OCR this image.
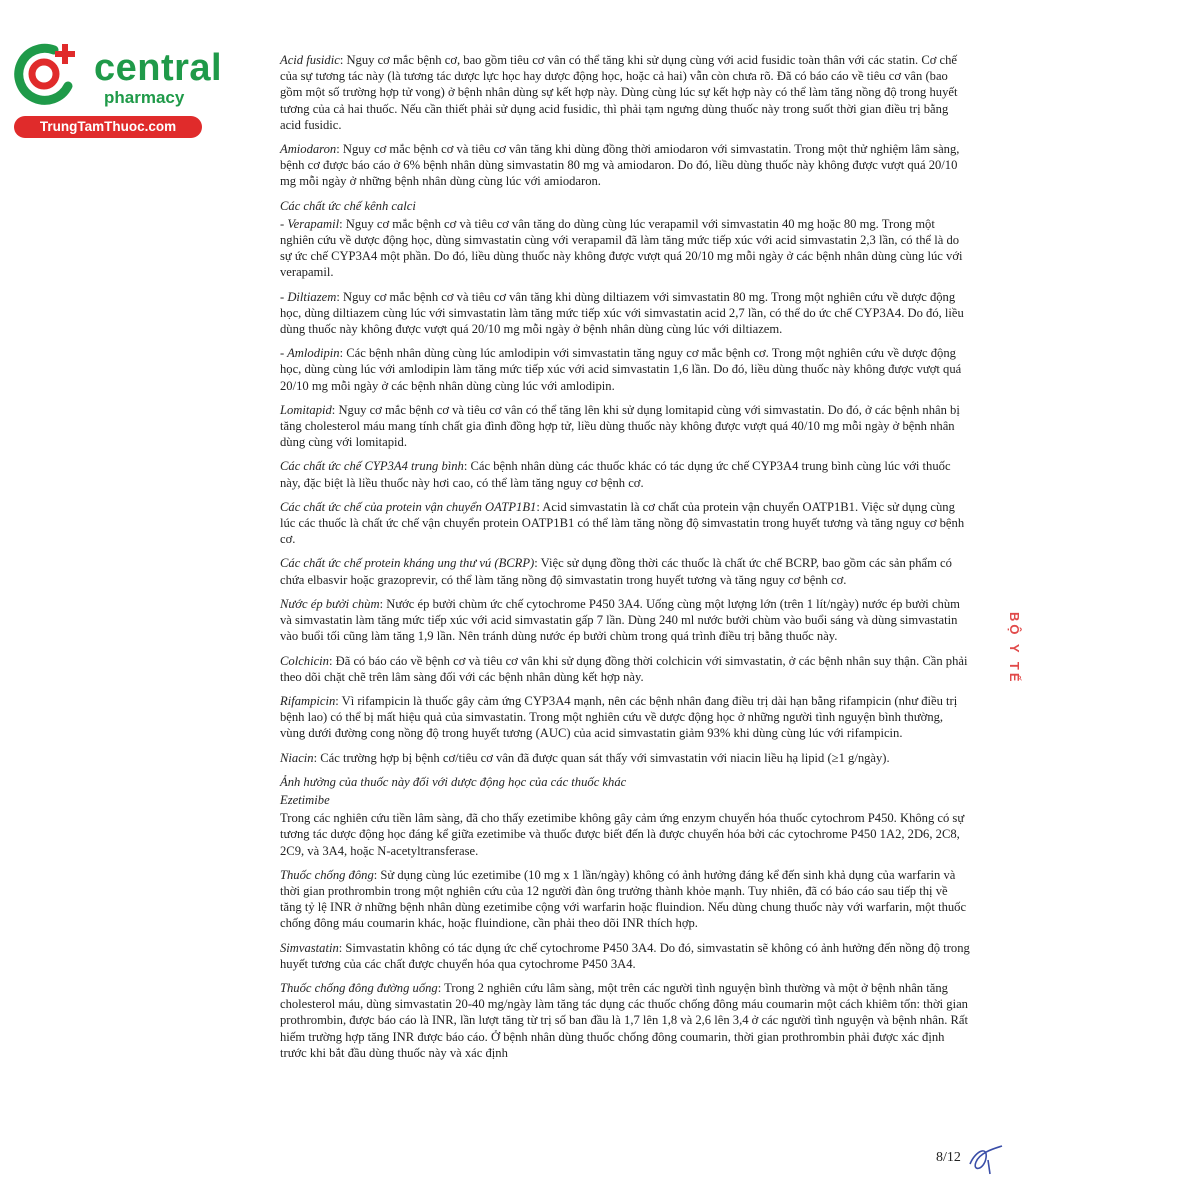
central
pharmacy
TrungTamThuoc.com

Acid fusidic: Nguy cơ mắc bệnh cơ, bao gồm tiêu cơ vân có thể tăng khi sử dụng cùng với acid fusidic toàn thân với các statin. Cơ chế của sự tương tác này (là tương tác dược lực học hay dược động học, hoặc cả hai) vẫn còn chưa rõ. Đã có báo cáo về tiêu cơ vân (bao gồm một số trường hợp tử vong) ở bệnh nhân dùng sự kết hợp này. Dùng cùng lúc sự kết hợp này có thể làm tăng nồng độ trong huyết tương của cả hai thuốc. Nếu cần thiết phải sử dụng acid fusidic, thì phải tạm ngưng dùng thuốc này trong suốt thời gian điều trị bằng acid fusidic.

Amiodaron: Nguy cơ mắc bệnh cơ và tiêu cơ vân tăng khi dùng đồng thời amiodaron với simvastatin. Trong một thử nghiệm lâm sàng, bệnh cơ được báo cáo ở 6% bệnh nhân dùng simvastatin 80 mg và amiodaron. Do đó, liều dùng thuốc này không được vượt quá 20/10 mg mỗi ngày ở những bệnh nhân dùng cùng lúc với amiodaron.

Các chất ức chế kênh calci

- Verapamil: Nguy cơ mắc bệnh cơ và tiêu cơ vân tăng do dùng cùng lúc verapamil với simvastatin 40 mg hoặc 80 mg. Trong một nghiên cứu về dược động học, dùng simvastatin cùng với verapamil đã làm tăng mức tiếp xúc với acid simvastatin 2,3 lần, có thể là do sự ức chế CYP3A4 một phần. Do đó, liều dùng thuốc này không được vượt quá 20/10 mg mỗi ngày ở các bệnh nhân dùng cùng lúc với verapamil.

- Diltiazem: Nguy cơ mắc bệnh cơ và tiêu cơ vân tăng khi dùng diltiazem với simvastatin 80 mg. Trong một nghiên cứu về dược động học, dùng diltiazem cùng lúc với simvastatin làm tăng mức tiếp xúc với simvastatin acid 2,7 lần, có thể do ức chế CYP3A4. Do đó, liều dùng thuốc này không được vượt quá 20/10 mg mỗi ngày ở bệnh nhân dùng cùng lúc với diltiazem.

- Amlodipin: Các bệnh nhân dùng cùng lúc amlodipin với simvastatin tăng nguy cơ mắc bệnh cơ. Trong một nghiên cứu về dược động học, dùng cùng lúc với amlodipin làm tăng mức tiếp xúc với acid simvastatin 1,6 lần. Do đó, liều dùng thuốc này không được vượt quá 20/10 mg mỗi ngày ở các bệnh nhân dùng cùng lúc với amlodipin.

Lomitapid: Nguy cơ mắc bệnh cơ và tiêu cơ vân có thể tăng lên khi sử dụng lomitapid cùng với simvastatin. Do đó, ở các bệnh nhân bị tăng cholesterol máu mang tính chất gia đình đồng hợp tử, liều dùng thuốc này không được vượt quá 40/10 mg mỗi ngày ở bệnh nhân dùng cùng với lomitapid.

Các chất ức chế CYP3A4 trung bình: Các bệnh nhân dùng các thuốc khác có tác dụng ức chế CYP3A4 trung bình cùng lúc với thuốc này, đặc biệt là liều thuốc này hơi cao, có thể làm tăng nguy cơ bệnh cơ.

Các chất ức chế của protein vận chuyển OATP1B1: Acid simvastatin là cơ chất của protein vận chuyển OATP1B1. Việc sử dụng cùng lúc các thuốc là chất ức chế vận chuyển protein OATP1B1 có thể làm tăng nồng độ simvastatin trong huyết tương và tăng nguy cơ bệnh cơ.

Các chất ức chế protein kháng ung thư vú (BCRP): Việc sử dụng đồng thời các thuốc là chất ức chế BCRP, bao gồm các sản phẩm có chứa elbasvir hoặc grazoprevir, có thể làm tăng nồng độ simvastatin trong huyết tương và tăng nguy cơ bệnh cơ.

Nước ép bưởi chùm: Nước ép bưởi chùm ức chế cytochrome P450 3A4. Uống cùng một lượng lớn (trên 1 lít/ngày) nước ép bưởi chùm và simvastatin làm tăng mức tiếp xúc với acid simvastatin gấp 7 lần. Dùng 240 ml nước bưởi chùm vào buổi sáng và dùng simvastatin vào buổi tối cũng làm tăng 1,9 lần. Nên tránh dùng nước ép bưởi chùm trong quá trình điều trị bằng thuốc này.

Colchicin: Đã có báo cáo về bệnh cơ và tiêu cơ vân khi sử dụng đồng thời colchicin với simvastatin, ở các bệnh nhân suy thận. Cần phải theo dõi chặt chẽ trên lâm sàng đối với các bệnh nhân dùng kết hợp này.

Rifampicin: Vì rifampicin là thuốc gây cảm ứng CYP3A4 mạnh, nên các bệnh nhân đang điều trị dài hạn bằng rifampicin (như điều trị bệnh lao) có thể bị mất hiệu quả của simvastatin. Trong một nghiên cứu về dược động học ở những người tình nguyện bình thường, vùng dưới đường cong nồng độ trong huyết tương (AUC) của acid simvastatin giảm 93% khi dùng cùng lúc với rifampicin.

Niacin: Các trường hợp bị bệnh cơ/tiêu cơ vân đã được quan sát thấy với simvastatin với niacin liều hạ lipid (≥1 g/ngày).

Ảnh hưởng của thuốc này đối với dược động học của các thuốc khác

Ezetimibe

Trong các nghiên cứu tiền lâm sàng, đã cho thấy ezetimibe không gây cảm ứng enzym chuyển hóa thuốc cytochrom P450. Không có sự tương tác dược động học đáng kể giữa ezetimibe và thuốc được biết đến là được chuyển hóa bởi các cytochrome P450 1A2, 2D6, 2C8, 2C9, và 3A4, hoặc N-acetyltransferase.

Thuốc chống đông: Sử dụng cùng lúc ezetimibe (10 mg x 1 lần/ngày) không có ảnh hưởng đáng kể đến sinh khả dụng của warfarin và thời gian prothrombin trong một nghiên cứu của 12 người đàn ông trưởng thành khỏe mạnh. Tuy nhiên, đã có báo cáo sau tiếp thị về tăng tỷ lệ INR ở những bệnh nhân dùng ezetimibe cộng với warfarin hoặc fluindion. Nếu dùng chung thuốc này với warfarin, một thuốc chống đông máu coumarin khác, hoặc fluindione, cần phải theo dõi INR thích hợp.

Simvastatin: Simvastatin không có tác dụng ức chế cytochrome P450 3A4. Do đó, simvastatin sẽ không có ảnh hưởng đến nồng độ trong huyết tương của các chất được chuyển hóa qua cytochrome P450 3A4.

Thuốc chống đông đường uống: Trong 2 nghiên cứu lâm sàng, một trên các người tình nguyện bình thường và một ở bệnh nhân tăng cholesterol máu, dùng simvastatin 20-40 mg/ngày làm tăng tác dụng các thuốc chống đông máu coumarin một cách khiêm tốn: thời gian prothrombin, được báo cáo là INR, lần lượt tăng từ trị số ban đầu là 1,7 lên 1,8 và 2,6 lên 3,4 ở các người tình nguyện và bệnh nhân. Rất hiếm trường hợp tăng INR được báo cáo. Ở bệnh nhân dùng thuốc chống đông coumarin, thời gian prothrombin phải được xác định trước khi bắt đầu dùng thuốc này và xác định

8/12
BỘ Y TẾ
